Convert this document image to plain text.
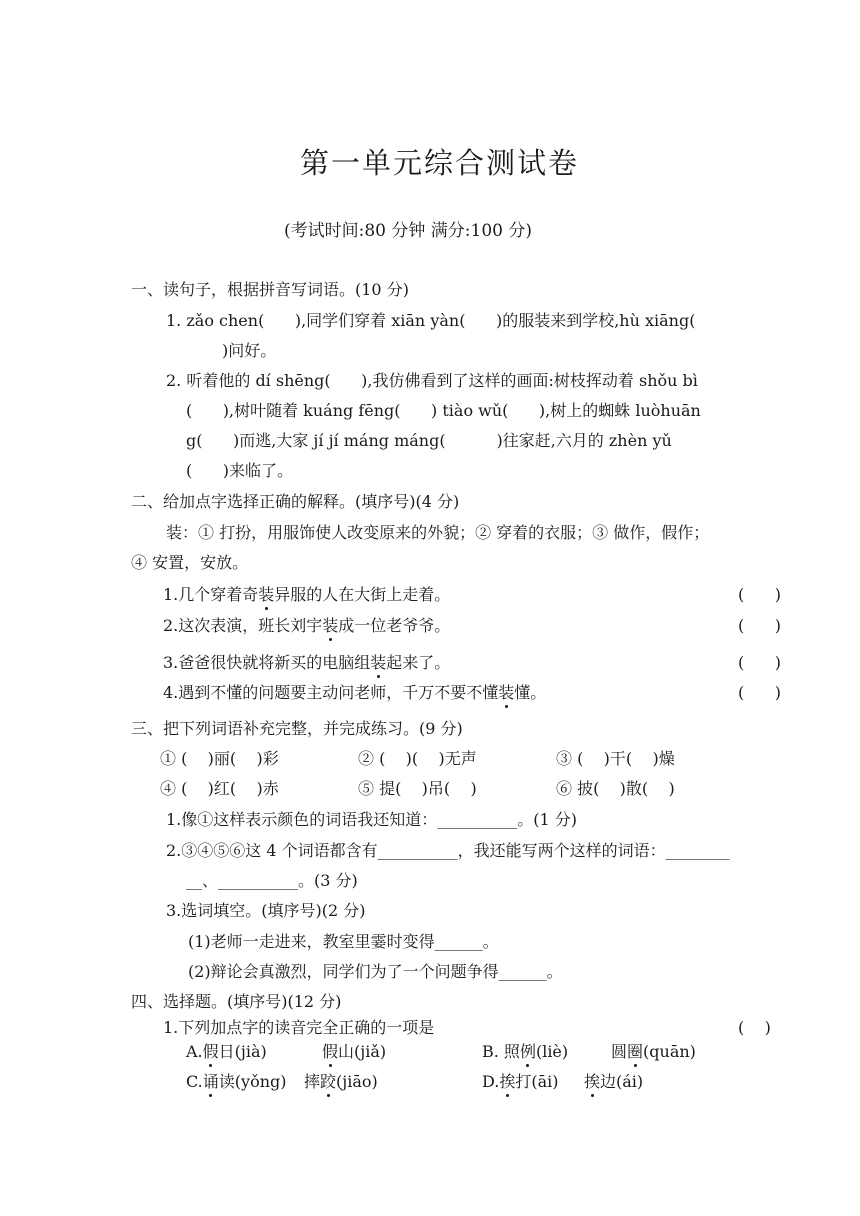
第一单元综合测试卷
(考试时间:80 分钟 满分:100 分)
一、读句子，根据拼音写词语。(10 分)
1. zǎo chen(      ),同学们穿着 xiān yàn(      )的服装来到学校,hù xiāng(
)问好。
2. 听着他的 dí shēng(      ),我仿佛看到了这样的画面:树枝挥动着 shǒu bì
(      ),树叶随着 kuáng fēng(      ) tiào wǔ(      ),树上的蜘蛛 luòhuān
g(      )而逃,大家 jí jí máng máng(          )往家赶,六月的 zhèn yǔ
(      )来临了。
二、给加点字选择正确的解释。(填序号)(4 分)
装：① 打扮，用服饰使人改变原来的外貌；② 穿着的衣服；③ 做作，假作；
④ 安置，安放。
1.几个穿着奇装异服的人在大街上走着。	(      )
2.这次表演，班长刘宇装成一位老爷爷。	(      )
3.爸爸很快就将新买的电脑组装起来了。	(      )
4.遇到不懂的问题要主动问老师，千万不要不懂装懂。	(      )
三、把下列词语补充完整，并完成练习。(9 分)
① (    )丽(    )彩	② (    )(    )无声	③ (    )干(    )燥
④ (    )红(    )赤	⑤ 提(    )吊(    )	⑥ 披(    )散(    )
1.像①这样表示颜色的词语我还知道：__________。(1 分)
2.③④⑤⑥这 4 个词语都含有__________，我还能写两个这样的词语：________
__、__________。(3 分)
3.选词填空。(填序号)(2 分)
(1)老师一走进来，教室里霎时变得______。
(2)辩论会真激烈，同学们为了一个问题争得______。
四、选择题。(填序号)(12 分)
1.下列加点字的读音完全正确的一项是	(    )
A.假日(jià)	假山(jiǎ)	B. 照例(liè)	圆圈(quān)
C.诵读(yǒng) 摔跤(jiāo)	D.挨打(āi) 挨边(ái)
